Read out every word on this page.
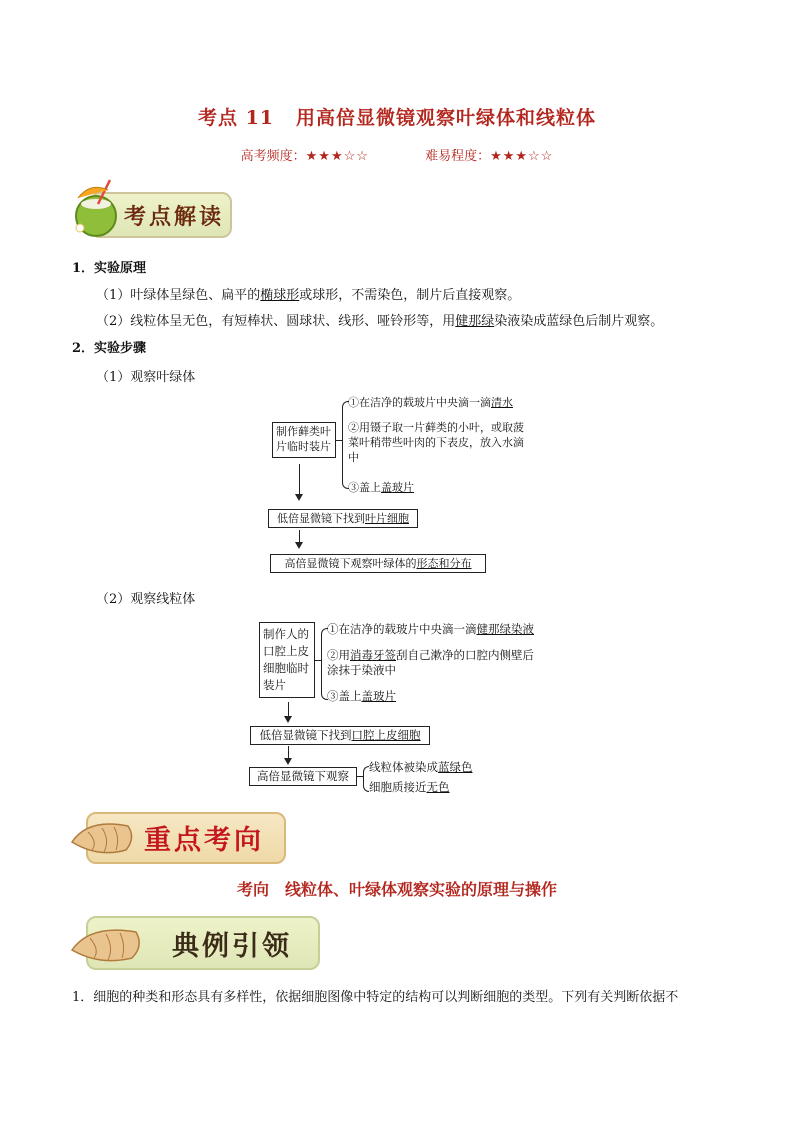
考点 11 用高倍显微镜观察叶绿体和线粒体
高考频度：★★★☆☆	难易程度：★★★☆☆
考点解读
1．实验原理
（1）叶绿体呈绿色、扁平的椭球形或球形，不需染色，制片后直接观察。
（2）线粒体呈无色，有短棒状、圆球状、线形、哑铃形等，用健那绿染液染成蓝绿色后制片观察。
2．实验步骤
（1）观察叶绿体
制作藓类叶片临时装片
①在洁净的载玻片中央滴一滴清水
②用镊子取一片藓类的小叶，或取菠菜叶稍带些叶肉的下表皮，放入水滴中
③盖上盖玻片
低倍显微镜下找到叶片细胞
高倍显微镜下观察叶绿体的形态和分布
（2）观察线粒体
制作人的口腔上皮细胞临时装片
①在洁净的载玻片中央滴一滴健那绿染液
②用消毒牙签刮自己漱净的口腔内侧壁后涂抹于染液中
③盖上盖玻片
低倍显微镜下找到口腔上皮细胞
高倍显微镜下观察
线粒体被染成蓝绿色
细胞质接近无色
重点考向
考向　线粒体、叶绿体观察实验的原理与操作
典例引领
1．细胞的种类和形态具有多样性，依据细胞图像中特定的结构可以判断细胞的类型。下列有关判断依据不
